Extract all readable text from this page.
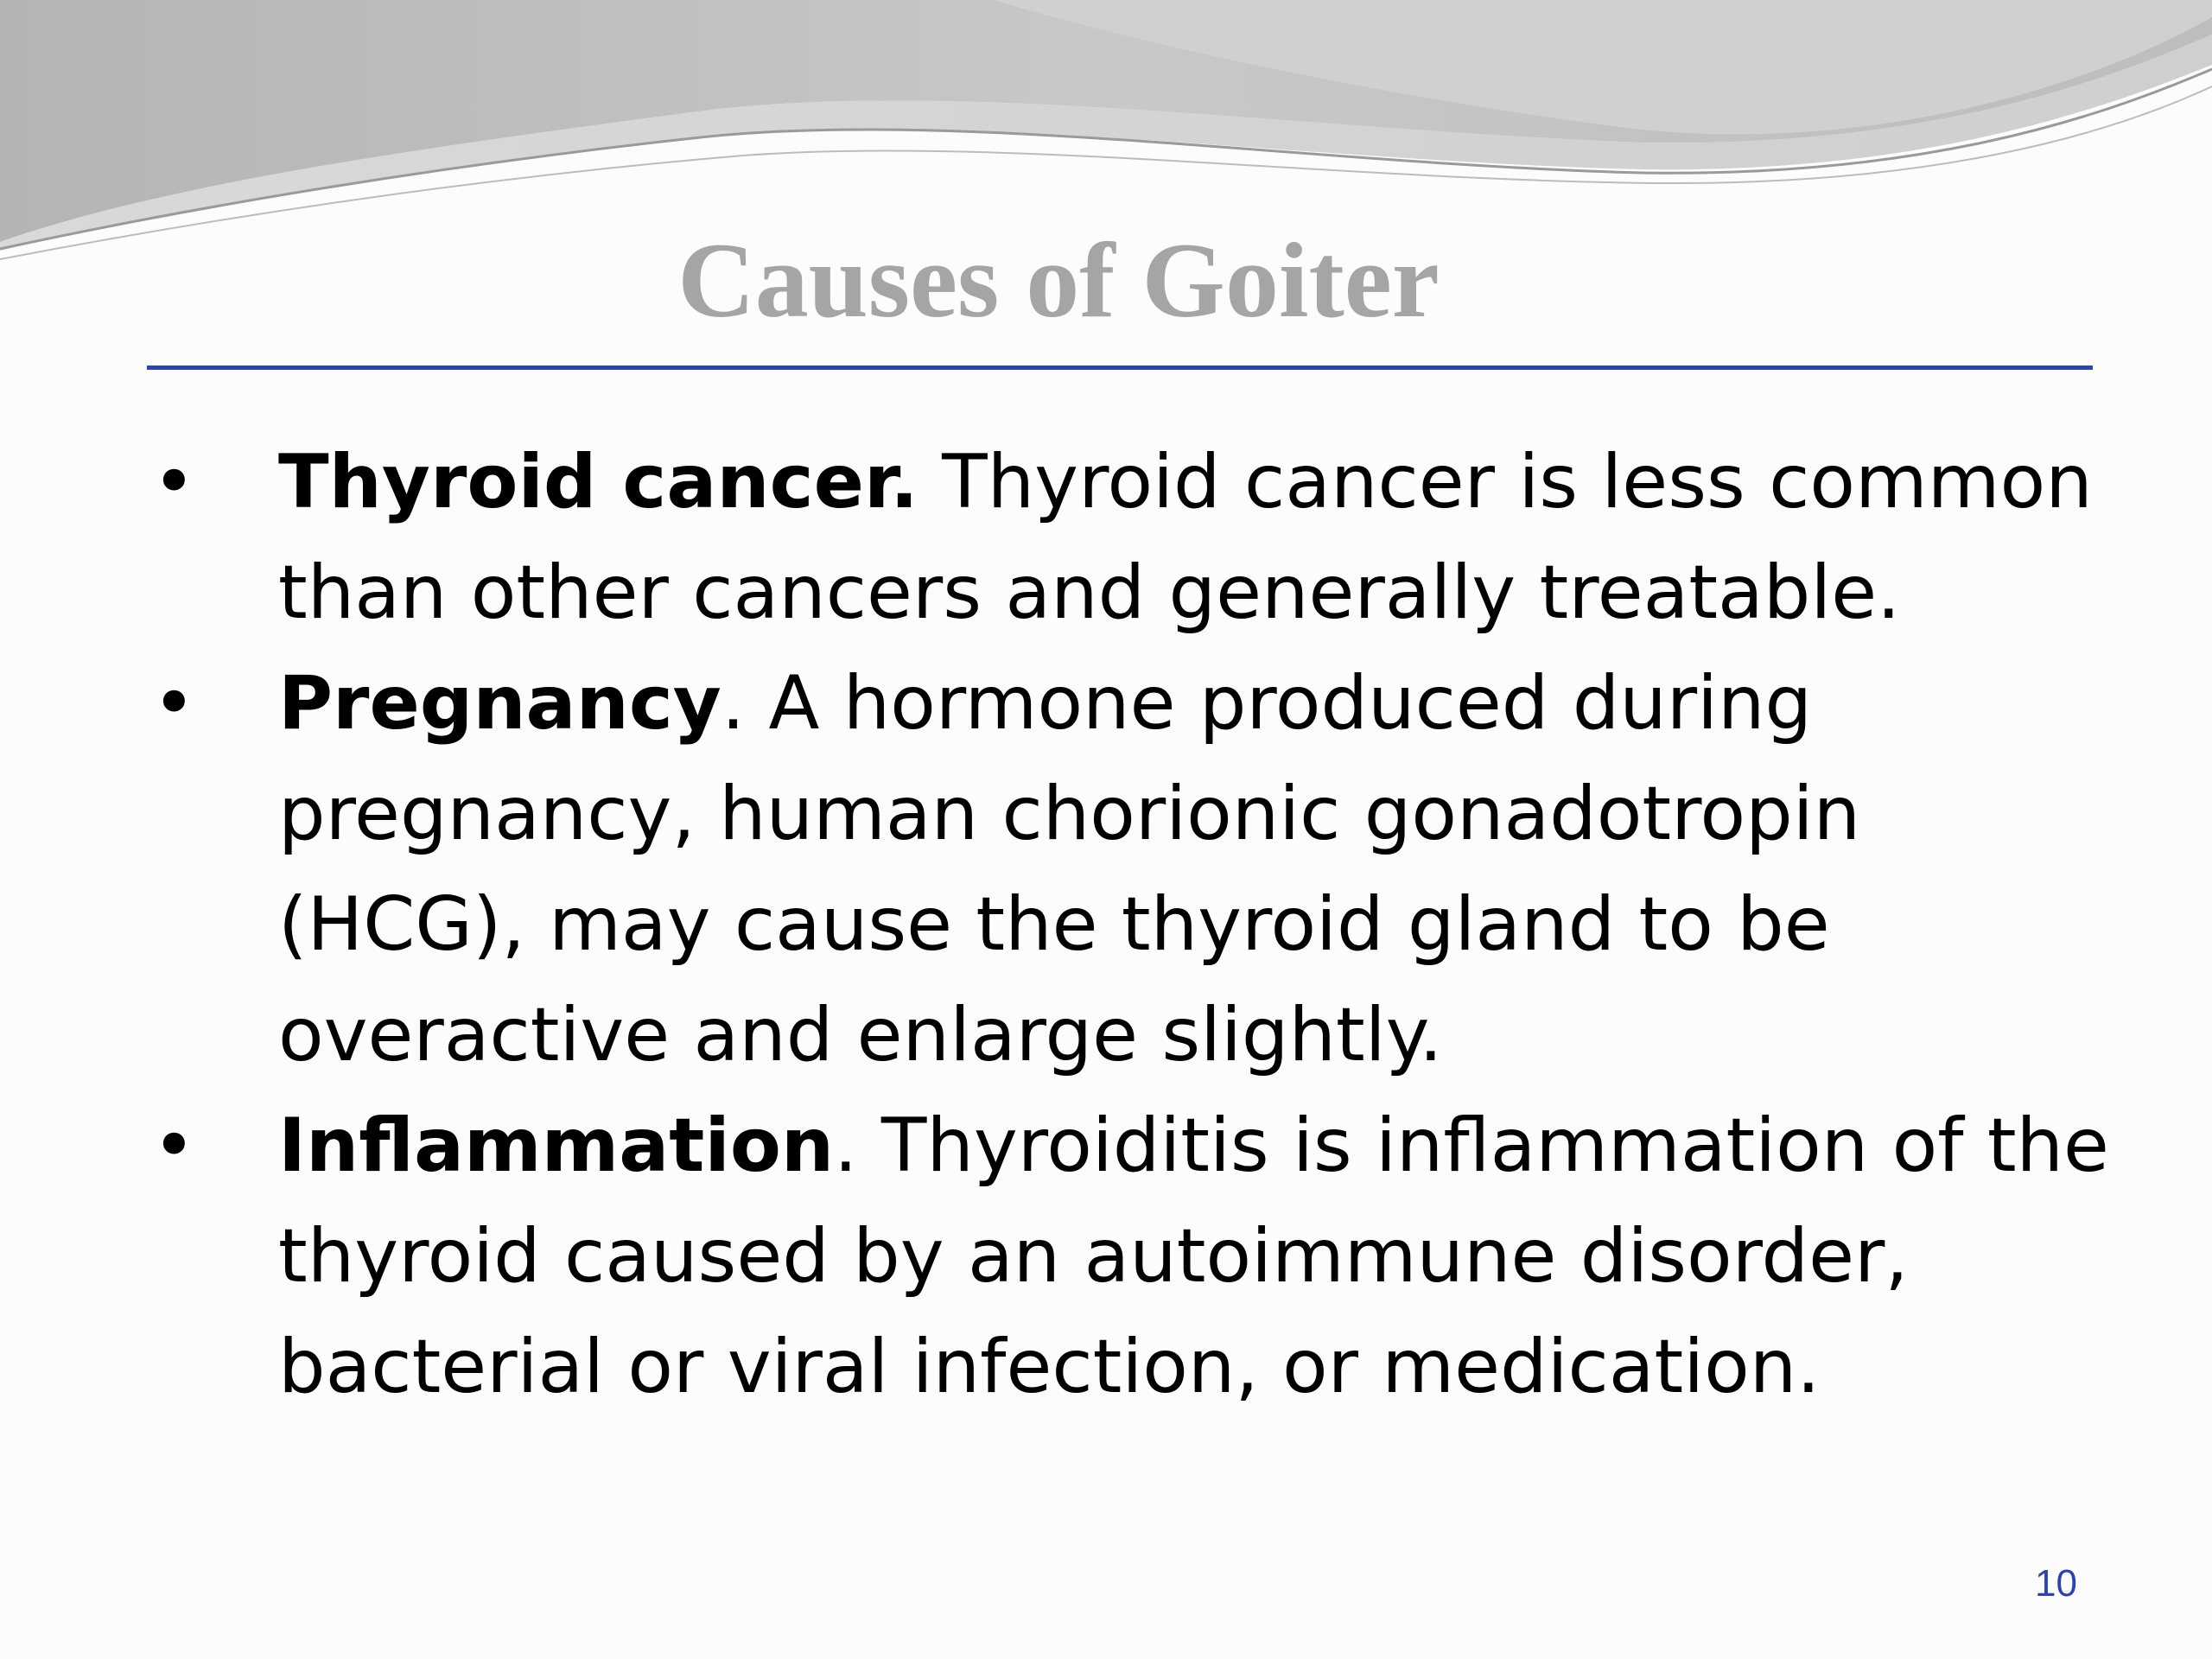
Causes of Goiter
• Thyroid cancer. Thyroid cancer is less common
than other cancers and generally treatable.
• Pregnancy. A hormone produced during
pregnancy, human chorionic gonadotropin
(HCG), may cause the thyroid gland to be
overactive and enlarge slightly.
• Inflammation. Thyroiditis is inflammation of the
thyroid caused by an autoimmune disorder,
bacterial or viral infection, or medication.
10
